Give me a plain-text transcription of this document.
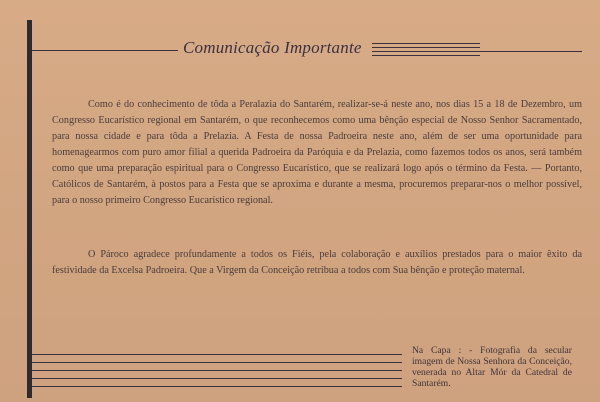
Comunicação Importante

Como é do conhecimento de tôda a Peralazia do Santarém, realizar-se-á neste ano, nos dias 15 a 18 de Dezembro, um Congresso Eucarístico regional em Santarém, o que reconhecemos como uma bênção especial de Nosso Senhor Sacramentado, para nossa cidade e para tôda a Prelazia. A Festa de nossa Padroeira neste ano, além de ser uma oportunidade para homenagearmos com puro amor filial a querida Padroeira da Paróquia e da Prelazia, como fazemos todos os anos, será também como que uma preparação espiritual para o Congresso Eucarístico, que se realizará logo após o término da Festa. — Portanto, Católicos de Santarém, à postos para a Festa que se aproxima e durante a mesma, procuremos preparar-nos o melhor possível, para o nosso primeiro Congresso Eucarístico regional.

O Pároco agradece profundamente a todos os Fiéis, pela colaboração e auxílios prestados para o maior êxito da festividade da Excelsa Padroeira. Que a Virgem da Conceição retribua a todos com Sua bênção e proteção maternal.

Na Capa : - Fotografia da secular imagem de Nossa Senhora da Conceição, venerada no Altar Mór da Catedral de Santarém.
